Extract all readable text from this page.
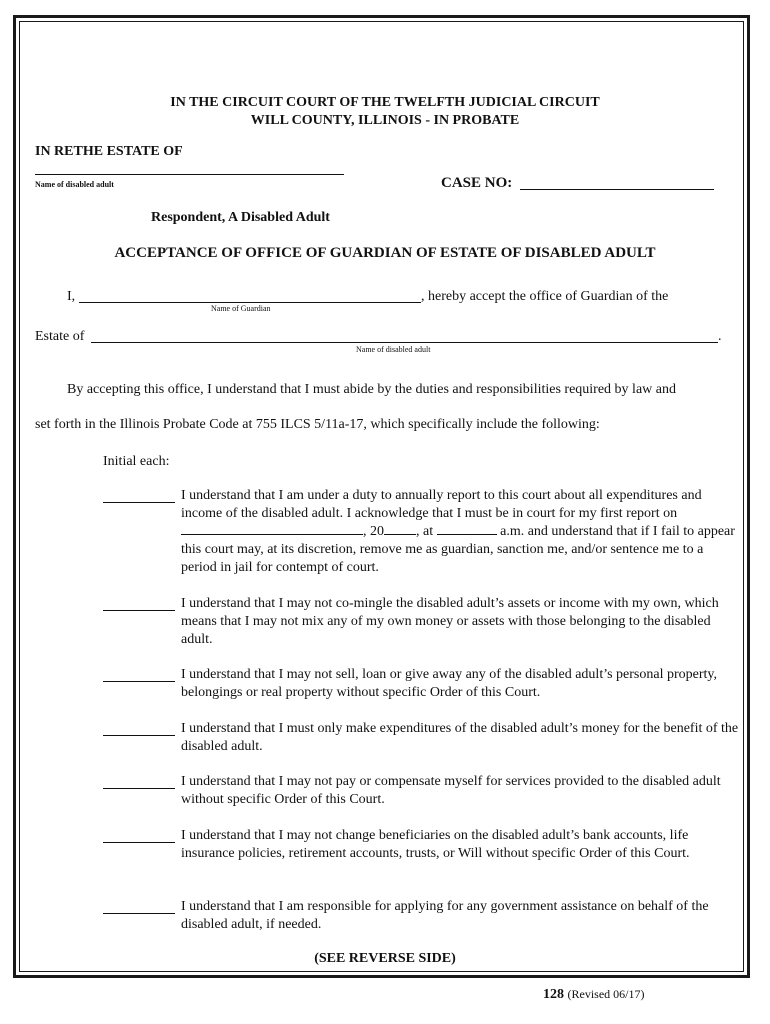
IN THE CIRCUIT COURT OF THE TWELFTH JUDICIAL CIRCUIT
WILL COUNTY, ILLINOIS - IN PROBATE
IN RETHE ESTATE OF
Name of disabled adult	CASE NO:
Respondent, A Disabled Adult
ACCEPTANCE OF OFFICE OF GUARDIAN OF ESTATE OF DISABLED ADULT
I,	, hereby accept the office of Guardian of the
Name of Guardian
Estate of	.
Name of disabled adult
By accepting this office, I understand that I must abide by the duties and responsibilities required by law and
set forth in the Illinois Probate Code at 755 ILCS 5/11a-17, which specifically include the following:
Initial each:
I understand that I am under a duty to annually report to this court about all expenditures and income of the disabled adult. I acknowledge that I must be in court for my first report on , 20 , at	a.m. and understand that if I fail to appear this court may, at its discretion, remove me as guardian, sanction me, and/or sentence me to a period in jail for contempt of court.
I understand that I may not co-mingle the disabled adult’s assets or income with my own, which means that I may not mix any of my own money or assets with those belonging to the disabled adult.
I understand that I may not sell, loan or give away any of the disabled adult’s personal property, belongings or real property without specific Order of this Court.
I understand that I must only make expenditures of the disabled adult’s money for the benefit of the disabled adult.
I understand that I may not pay or compensate myself for services provided to the disabled adult without specific Order of this Court.
I understand that I may not change beneficiaries on the disabled adult’s bank accounts, life insurance policies, retirement accounts, trusts, or Will without specific Order of this Court.
I understand that I am responsible for applying for any government assistance on behalf of the disabled adult, if needed.
(SEE REVERSE SIDE)
128 (Revised 06/17)
